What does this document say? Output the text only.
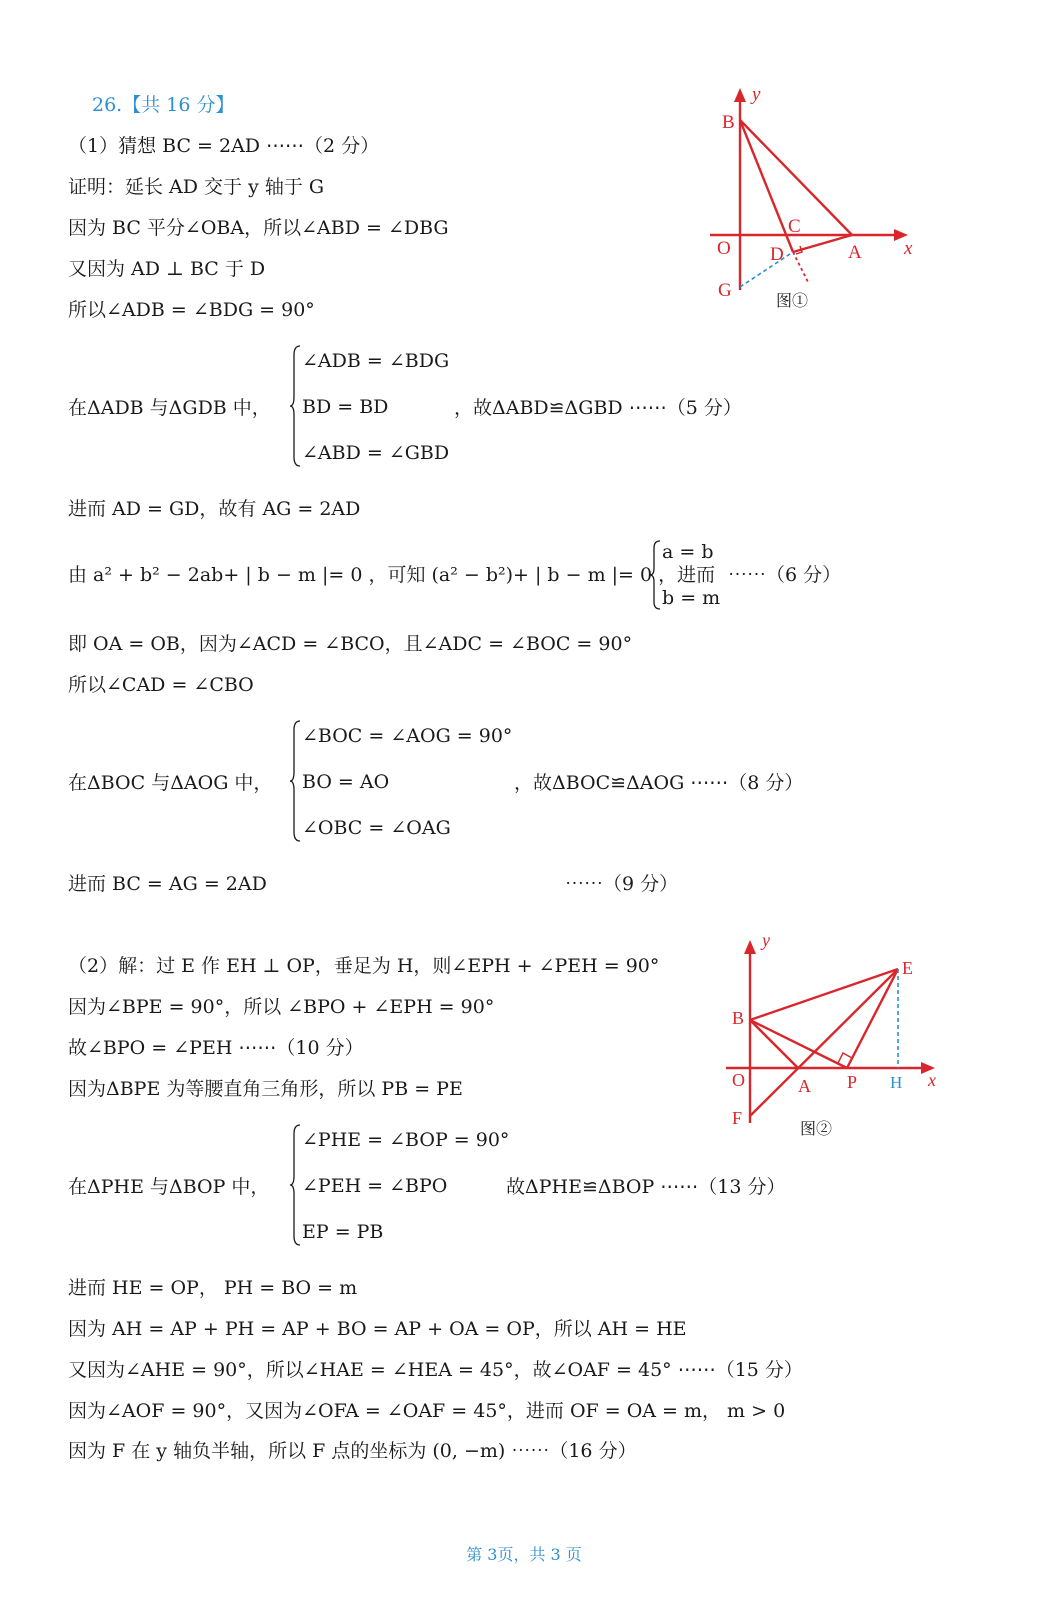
26.【共 16 分】
（1）猜想 BC = 2AD ⋯⋯（2 分）
证明：延长 AD 交于 y 轴于 G
因为 BC 平分∠OBA，所以∠ABD = ∠DBG
又因为 AD ⊥ BC 于 D
所以∠ADB = ∠BDG = 90°
在ΔADB 与ΔGDB 中，
∠ADB = ∠BDG
BD = BD
∠ABD = ∠GBD
，故ΔABD≌ΔGBD ⋯⋯（5 分）
进而 AD = GD，故有 AG = 2AD
由 a² + b² − 2ab+ | b − m |= 0 ，可知 (a² − b²)+ | b − m |= 0 ，进而
a = b
b = m
⋯⋯（6 分）
即 OA = OB，因为∠ACD = ∠BCO，且∠ADC = ∠BOC = 90°
所以∠CAD = ∠CBO
在ΔBOC 与ΔAOG 中，
∠BOC = ∠AOG = 90°
BO = AO
∠OBC = ∠OAG
，故ΔBOC≌ΔAOG ⋯⋯（8 分）
进而 BC = AG = 2AD	⋯⋯（9 分）
（2）解：过 E 作 EH ⊥ OP，垂足为 H，则∠EPH + ∠PEH = 90°
因为∠BPE = 90°，所以 ∠BPO + ∠EPH = 90°
故∠BPO = ∠PEH ⋯⋯（10 分）
因为ΔBPE 为等腰直角三角形，所以 PB = PE
在ΔPHE 与ΔBOP 中，
∠PHE = ∠BOP = 90°
∠PEH = ∠BPO
EP = PB
故ΔPHE≌ΔBOP ⋯⋯（13 分）
进而 HE = OP， PH = BO = m
因为 AH = AP + PH = AP + BO = AP + OA = OP，所以 AH = HE
又因为∠AHE = 90°，所以∠HAE = ∠HEA = 45°，故∠OAF = 45° ⋯⋯（15 分）
因为∠AOF = 90°，又因为∠OFA = ∠OAF = 45°，进而 OF = OA = m， m > 0
因为 F 在 y 轴负半轴，所以 F 点的坐标为 (0, −m) ⋯⋯（16 分）
y
B
C
O D	A x
G
图①
y
E
B
O	A P	x
F
H
图②
第 3页，共 3 页
